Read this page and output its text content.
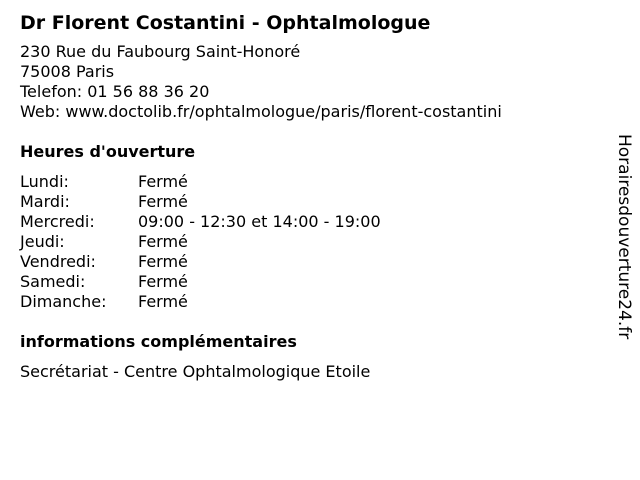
Dr Florent Costantini - Ophtalmologue
230 Rue du Faubourg Saint-Honoré
75008 Paris
Telefon: 01 56 88 36 20
Web: www.doctolib.fr/ophtalmologue/paris/florent-costantini
Heures d'ouverture
Lundi:	Fermé
Mardi:	Fermé
Mercredi:	09:00 - 12:30 et 14:00 - 19:00
Jeudi:	Fermé
Vendredi:	Fermé
Samedi:	Fermé
Dimanche:	Fermé
informations complémentaires
Secrétariat - Centre Ophtalmologique Etoile
Horairesdouverture24.fr
